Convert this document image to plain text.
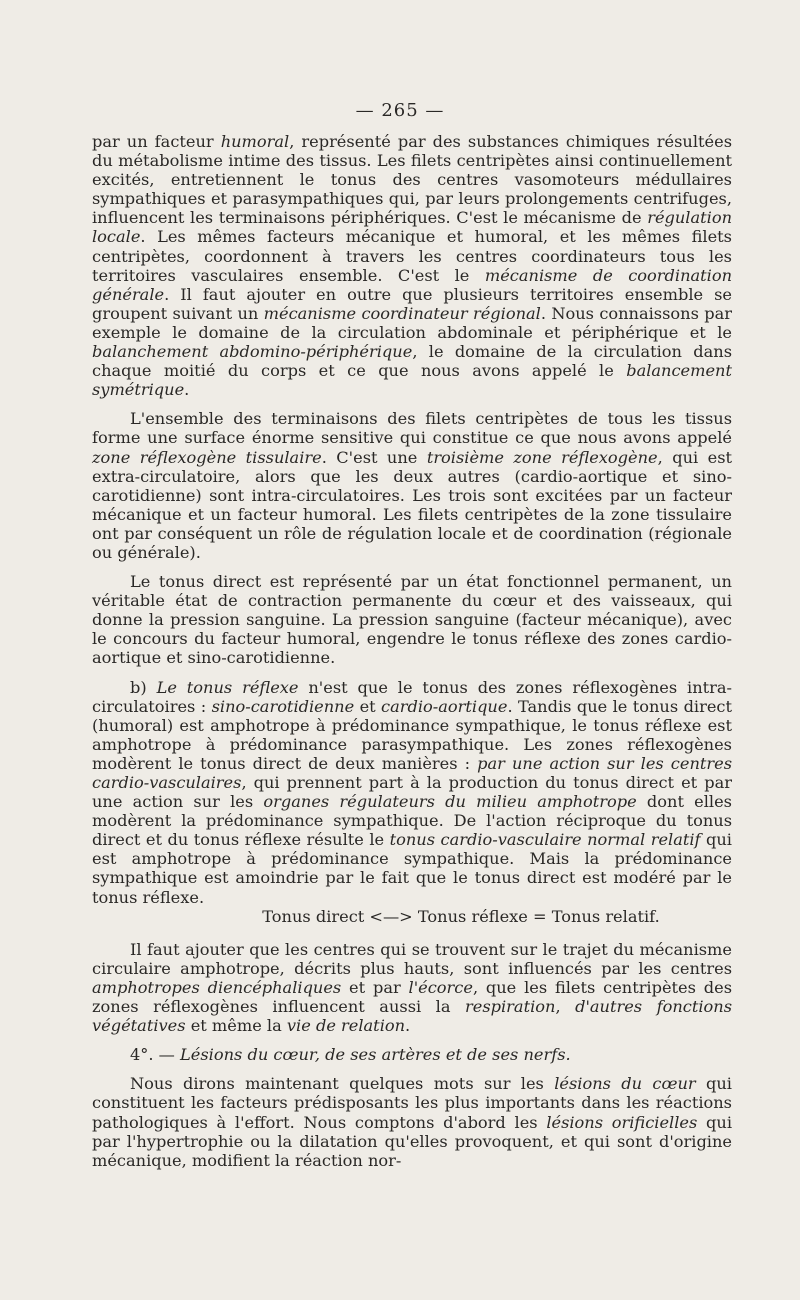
— 265 —

par un facteur humoral, représenté par des substances chimiques résultées du métabolisme intime des tissus. Les filets centripètes ainsi continuellement excités, entretiennent le tonus des centres vasomoteurs médullaires sympathiques et parasympathiques qui, par leurs prolongements centrifuges, influencent les terminaisons périphériques. C'est le mécanisme de régulation locale. Les mêmes facteurs mécanique et humoral, et les mêmes filets centripètes, coordonnent à travers les centres coordinateurs tous les territoires vasculaires ensemble. C'est le mécanisme de coordination générale. Il faut ajouter en outre que plusieurs territoires ensemble se groupent suivant un mécanisme coordinateur régional. Nous connaissons par exemple le domaine de la circulation abdominale et périphérique et le balanchement abdomino-périphérique, le domaine de la circulation dans chaque moitié du corps et ce que nous avons appelé le balancement symétrique.

L'ensemble des terminaisons des filets centripètes de tous les tissus forme une surface énorme sensitive qui constitue ce que nous avons appelé zone réflexogène tissulaire. C'est une troisième zone réflexogène, qui est extra-circulatoire, alors que les deux autres (cardio-aortique et sino-carotidienne) sont intra-circulatoires. Les trois sont excitées par un facteur mécanique et un facteur humoral. Les filets centripètes de la zone tissulaire ont par conséquent un rôle de régulation locale et de coordination (régionale ou générale).

Le tonus direct est représenté par un état fonctionnel permanent, un véritable état de contraction permanente du cœur et des vaisseaux, qui donne la pression sanguine. La pression sanguine (facteur mécanique), avec le concours du facteur humoral, engendre le tonus réflexe des zones cardio-aortique et sino-carotidienne.

b) Le tonus réflexe n'est que le tonus des zones réflexogènes intra-circulatoires : sino-carotidienne et cardio-aortique. Tandis que le tonus direct (humoral) est amphotrope à prédominance sympathique, le tonus réflexe est amphotrope à prédominance parasympathique. Les zones réflexogènes modèrent le tonus direct de deux manières : par une action sur les centres cardio-vasculaires, qui prennent part à la production du tonus direct et par une action sur les organes régulateurs du milieu amphotrope dont elles modèrent la prédominance sympathique. De l'action réciproque du tonus direct et du tonus réflexe résulte le tonus cardio-vasculaire normal relatif qui est amphotrope à prédominance sympathique. Mais la prédominance sympathique est amoindrie par le fait que le tonus direct est modéré par le tonus réflexe.

Tonus direct <—> Tonus réflexe = Tonus relatif.

Il faut ajouter que les centres qui se trouvent sur le trajet du mécanisme circulaire amphotrope, décrits plus hauts, sont influencés par les centres amphotropes diencéphaliques et par l'écorce, que les filets centripètes des zones réflexogènes influencent aussi la respiration, d'autres fonctions végétatives et même la vie de relation.

4°. — Lésions du cœur, de ses artères et de ses nerfs.

Nous dirons maintenant quelques mots sur les lésions du cœur qui constituent les facteurs prédisposants les plus importants dans les réactions pathologiques à l'effort. Nous comptons d'abord les lésions orificielles qui par l'hypertrophie ou la dilatation qu'elles provoquent, et qui sont d'origine mécanique, modifient la réaction nor-
